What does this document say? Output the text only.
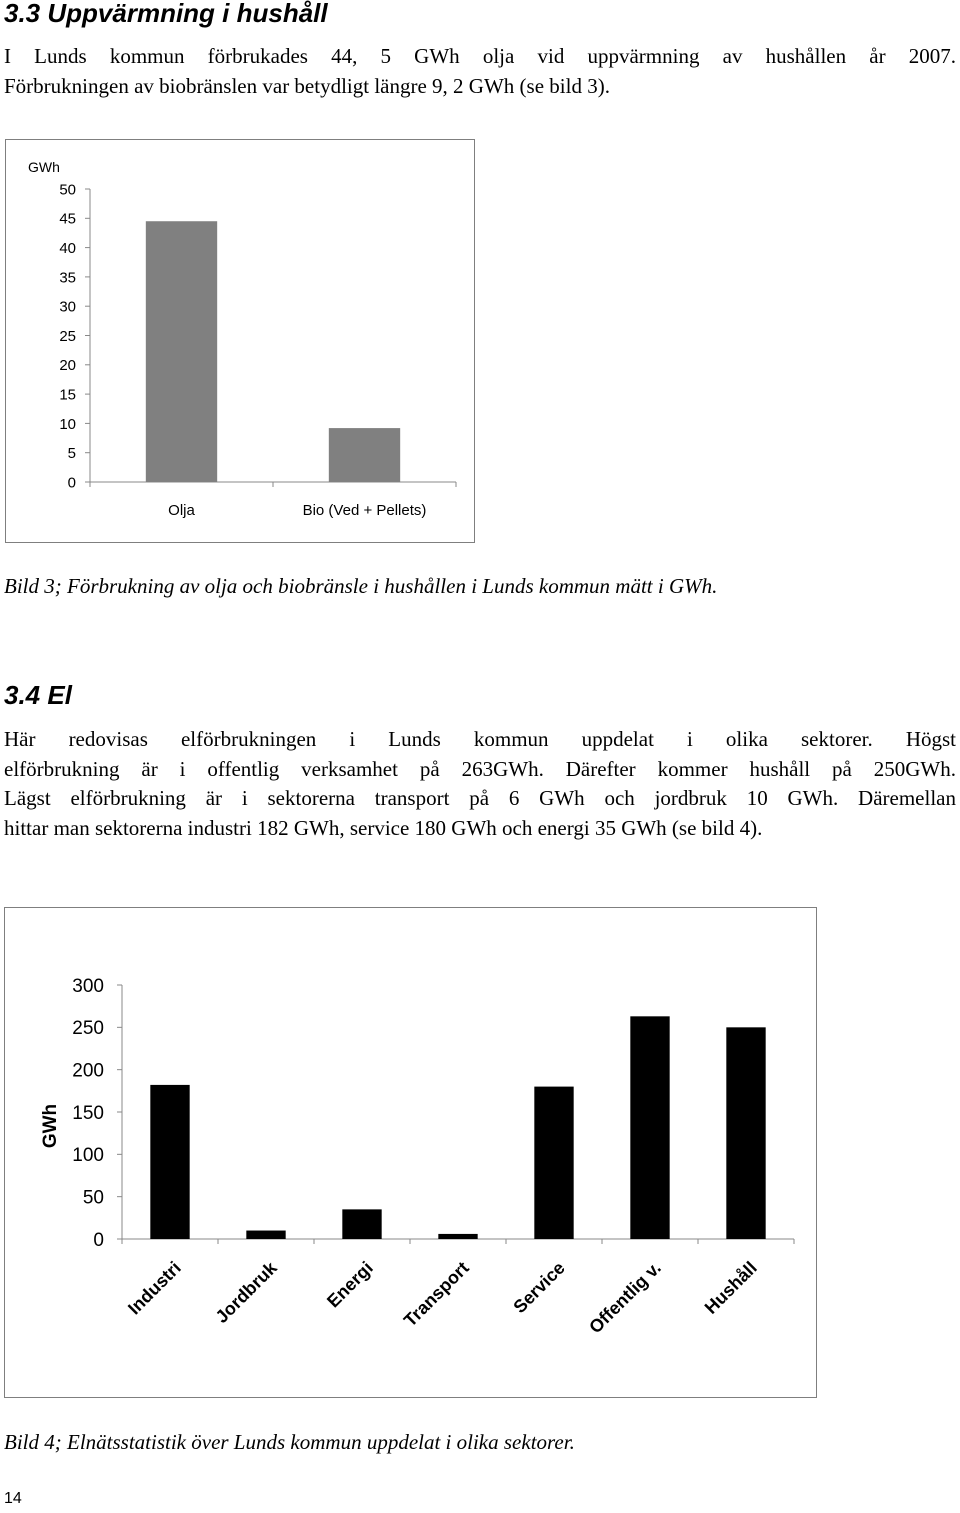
3.3 Uppvärmning i hushåll
I Lunds kommun förbrukades 44, 5 GWh olja vid uppvärmning av hushållen år 2007.
Förbrukningen av biobränslen var betydligt längre 9, 2 GWh (se bild 3).
GWh
0
5
10
15
20
25
30
35
40
45
50
Olja	Bio (Ved + Pellets)
Bild 3; Förbrukning av olja och biobränsle i hushållen i Lunds kommun mätt i GWh.
3.4 El
Här redovisas elförbrukningen i Lunds kommun uppdelat i olika sektorer. Högst
elförbrukning är i offentlig verksamhet på 263GWh. Därefter kommer hushåll på 250GWh.
Lägst elförbrukning är i sektorerna transport på 6 GWh och jordbruk 10 GWh. Däremellan
hittar man sektorerna industri 182 GWh, service 180 GWh och energi 35 GWh (se bild 4).
GWh
0
50
100
150
200
250
300
Industri Jordbruk Energi Transport Service Offentlig v. Hushåll
Bild 4; Elnätsstatistik över Lunds kommun uppdelat i olika sektorer.
14
